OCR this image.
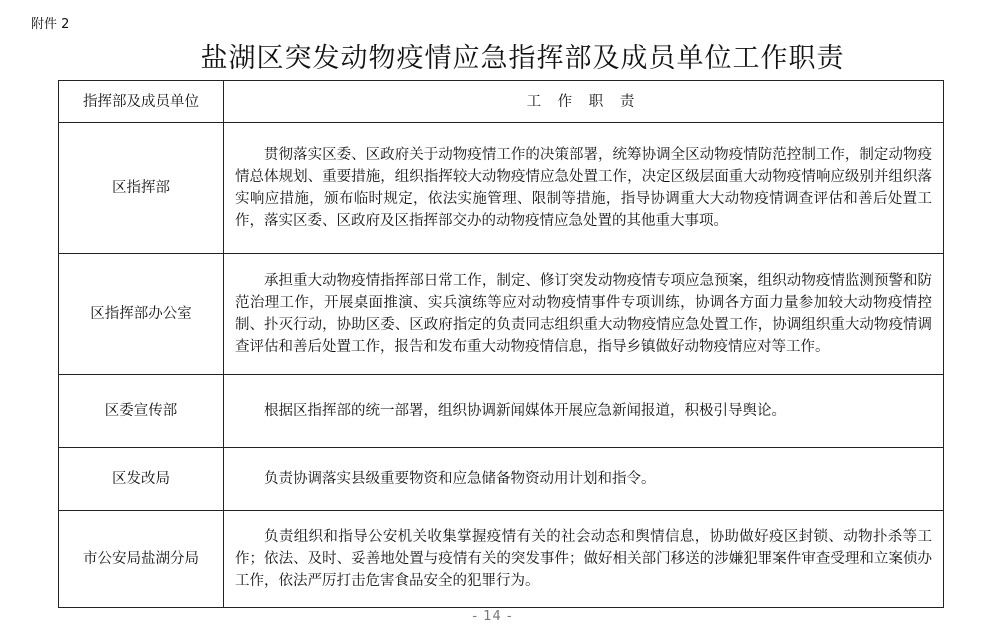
附件 2
盐湖区突发动物疫情应急指挥部及成员单位工作职责
指挥部及成员单位	工 作 职 责
区指挥部	贯彻落实区委、区政府关于动物疫情工作的决策部署，统筹协调全区动物疫情防范控制工作，制定动物疫情总体规划、重要措施，组织指挥较大动物疫情应急处置工作，决定区级层面重大动物疫情响应级别并组织落实响应措施，颁布临时规定，依法实施管理、限制等措施，指导协调重大大动物疫情调查评估和善后处置工作，落实区委、区政府及区指挥部交办的动物疫情应急处置的其他重大事项。
区指挥部办公室	承担重大动物疫情指挥部日常工作，制定、修订突发动物疫情专项应急预案，组织动物疫情监测预警和防范治理工作，开展桌面推演、实兵演练等应对动物疫情事件专项训练，协调各方面力量参加较大动物疫情控制、扑灭行动，协助区委、区政府指定的负责同志组织重大动物疫情应急处置工作，协调组织重大动物疫情调查评估和善后处置工作，报告和发布重大动物疫情信息，指导乡镇做好动物疫情应对等工作。
区委宣传部	根据区指挥部的统一部署，组织协调新闻媒体开展应急新闻报道，积极引导舆论。
区发改局	负责协调落实县级重要物资和应急储备物资动用计划和指令。
市公安局盐湖分局	负责组织和指导公安机关收集掌握疫情有关的社会动态和舆情信息，协助做好疫区封锁、动物扑杀等工作；依法、及时、妥善地处置与疫情有关的突发事件；做好相关部门移送的涉嫌犯罪案件审查受理和立案侦办工作，依法严厉打击危害食品安全的犯罪行为。
- 14 -
